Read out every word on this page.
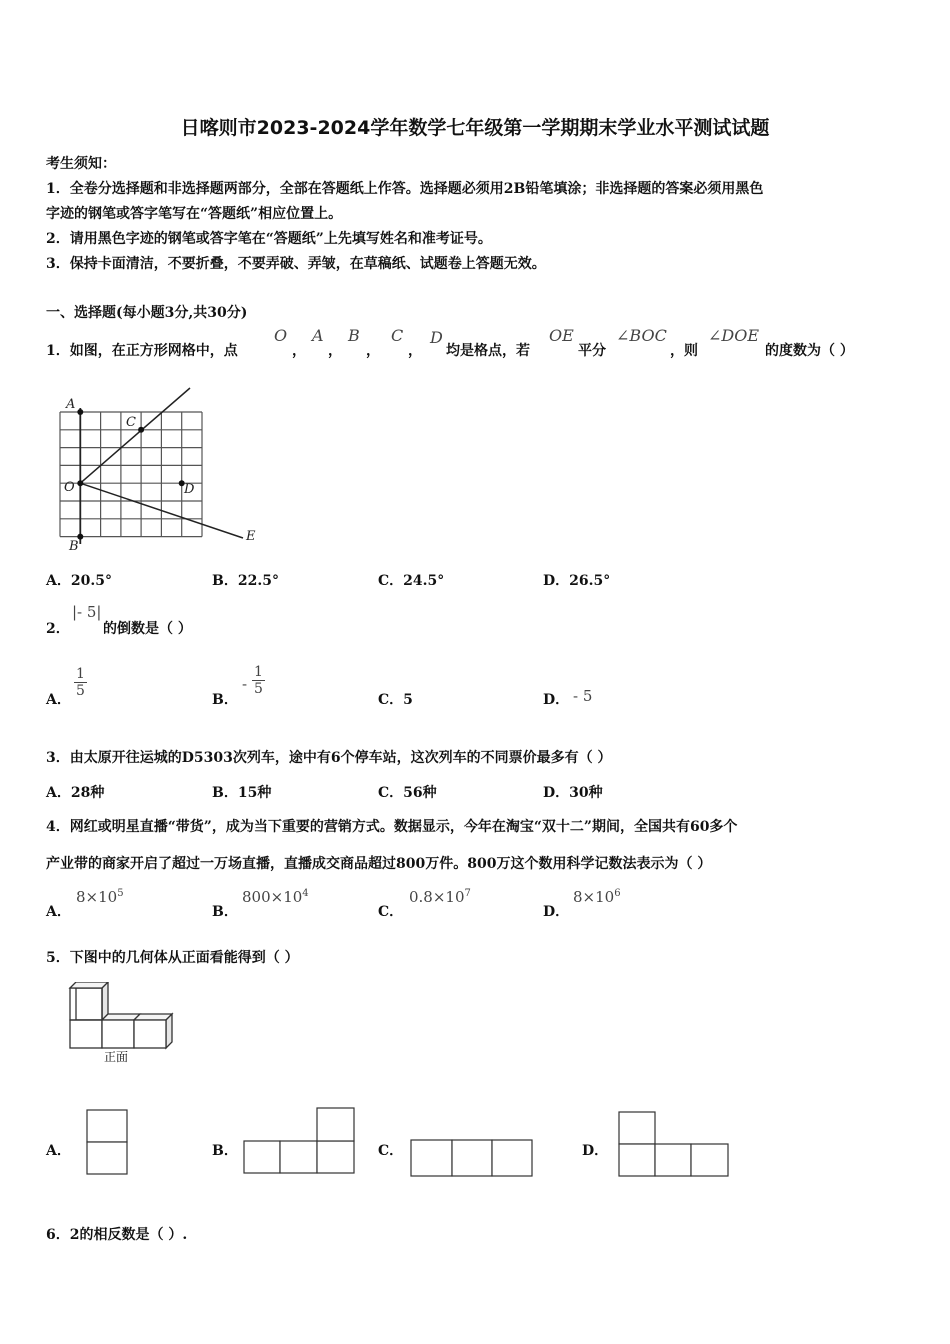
日喀则市2023-2024学年数学七年级第一学期期末学业水平测试试题
考生须知：
1．全卷分选择题和非选择题两部分，全部在答题纸上作答。选择题必须用2B铅笔填涂；非选择题的答案必须用黑色
字迹的钢笔或答字笔写在“答题纸”相应位置上。
2．请用黑色字迹的钢笔或答字笔在“答题纸”上先填写姓名和准考证号。
3．保持卡面清洁，不要折叠，不要弄破、弄皱，在草稿纸、试题卷上答题无效。
一、选择题(每小题3分,共30分)
1．如图，在正方形网格中，点
O
，
A
，
B
，
C
，
D
均是格点，若
OE
平分
∠BOC
，则
∠DOE
的度数为（ ）
A
C
O	D
B
E
A．20.5°	B．22.5°	C．24.5°	D．26.5°
2．
|- 5|
的倒数是（ ）
A．
$\frac{1}{5}$
B．
- $\frac{1}{5}$
C．5	D． - 5
3．由太原开往运城的D5303次列车，途中有6个停车站，这次列车的不同票价最多有（ ）
A．28种	B．15种	C．56种	D．30种
4．网红或明星直播“带货”，成为当下重要的营销方式。数据显示，今年在淘宝“双十二”期间，全国共有60多个
产业带的商家开启了超过一万场直播，直播成交商品超过800万件。800万这个数用科学记数法表示为（ ）
A．
$8\times 10^5$
B．
$800\times 10^4$
C．
$0.8\times 10^7$
D．
$8\times 10^6$
5．下图中的几何体从正面看能得到（ ）
正面
A．	B．	C．	D．
6．2的相反数是（ ）.
